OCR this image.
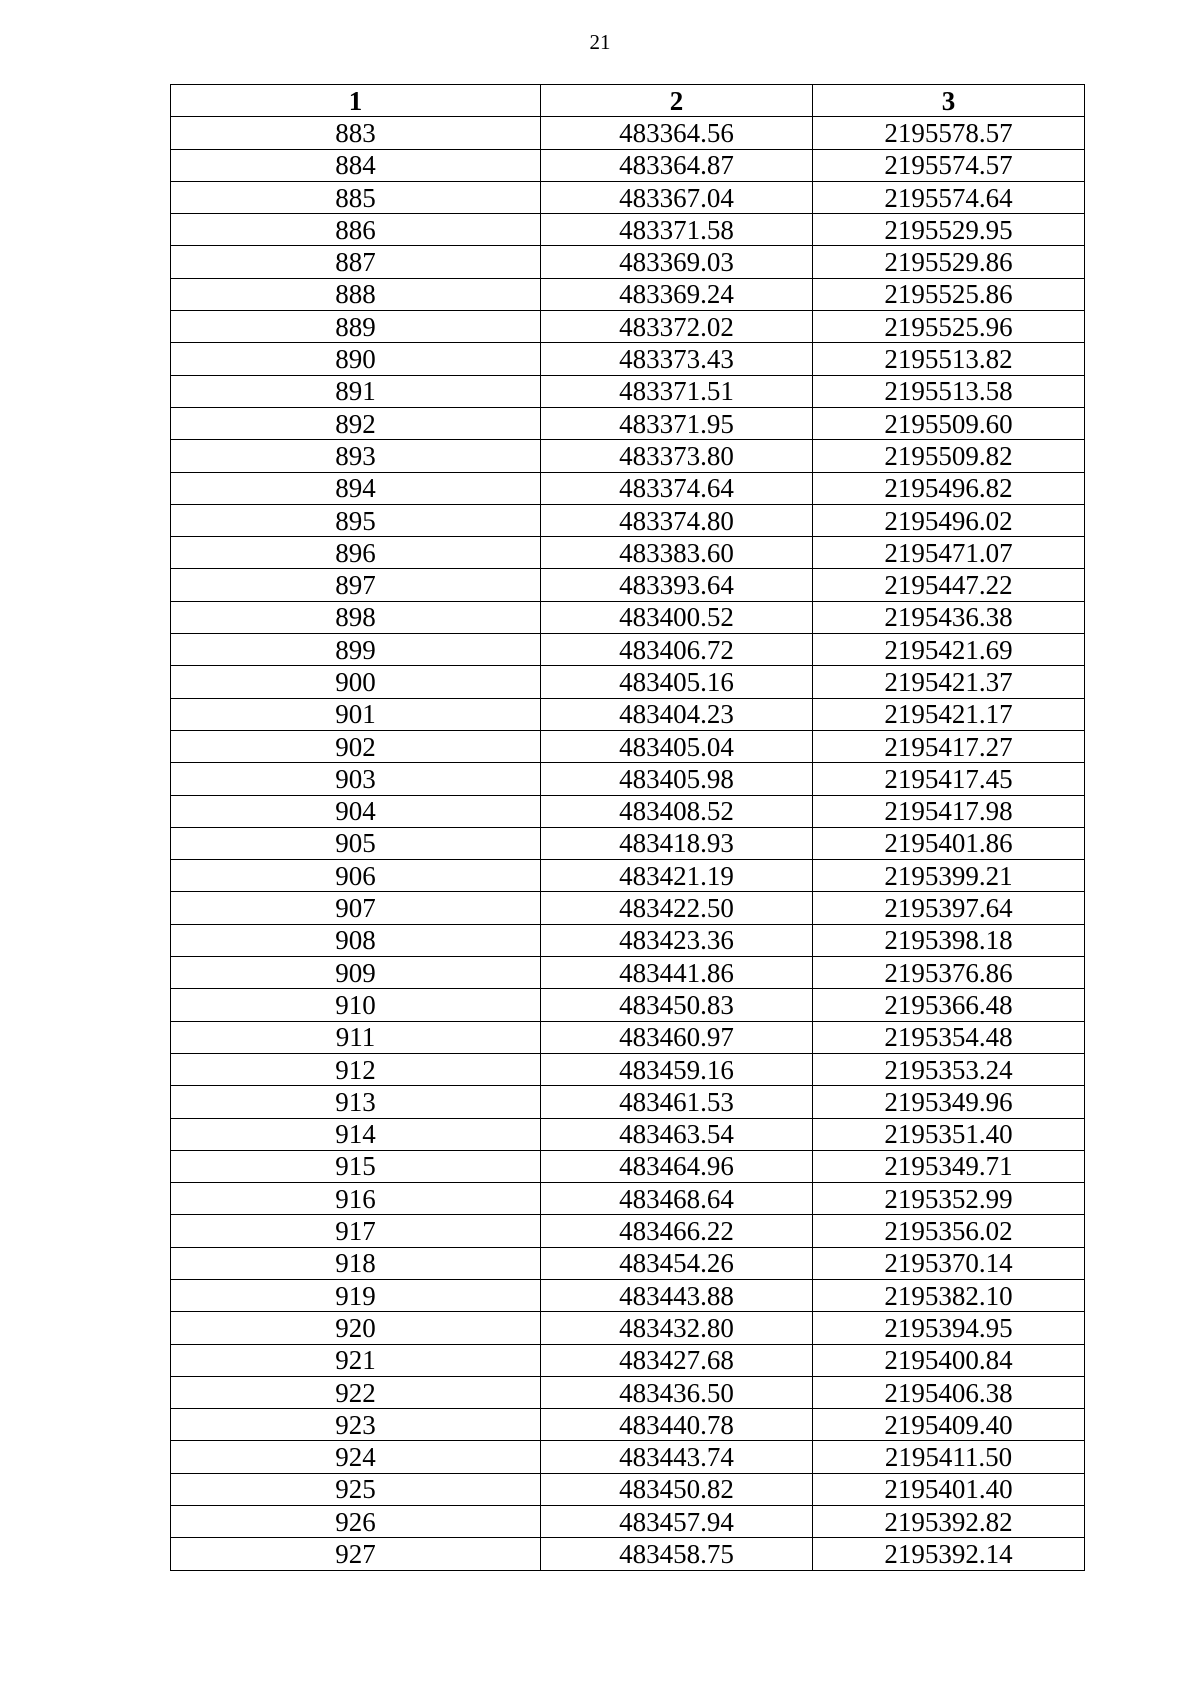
21
1	2	3
883	483364.56	2195578.57
884	483364.87	2195574.57
885	483367.04	2195574.64
886	483371.58	2195529.95
887	483369.03	2195529.86
888	483369.24	2195525.86
889	483372.02	2195525.96
890	483373.43	2195513.82
891	483371.51	2195513.58
892	483371.95	2195509.60
893	483373.80	2195509.82
894	483374.64	2195496.82
895	483374.80	2195496.02
896	483383.60	2195471.07
897	483393.64	2195447.22
898	483400.52	2195436.38
899	483406.72	2195421.69
900	483405.16	2195421.37
901	483404.23	2195421.17
902	483405.04	2195417.27
903	483405.98	2195417.45
904	483408.52	2195417.98
905	483418.93	2195401.86
906	483421.19	2195399.21
907	483422.50	2195397.64
908	483423.36	2195398.18
909	483441.86	2195376.86
910	483450.83	2195366.48
911	483460.97	2195354.48
912	483459.16	2195353.24
913	483461.53	2195349.96
914	483463.54	2195351.40
915	483464.96	2195349.71
916	483468.64	2195352.99
917	483466.22	2195356.02
918	483454.26	2195370.14
919	483443.88	2195382.10
920	483432.80	2195394.95
921	483427.68	2195400.84
922	483436.50	2195406.38
923	483440.78	2195409.40
924	483443.74	2195411.50
925	483450.82	2195401.40
926	483457.94	2195392.82
927	483458.75	2195392.14
